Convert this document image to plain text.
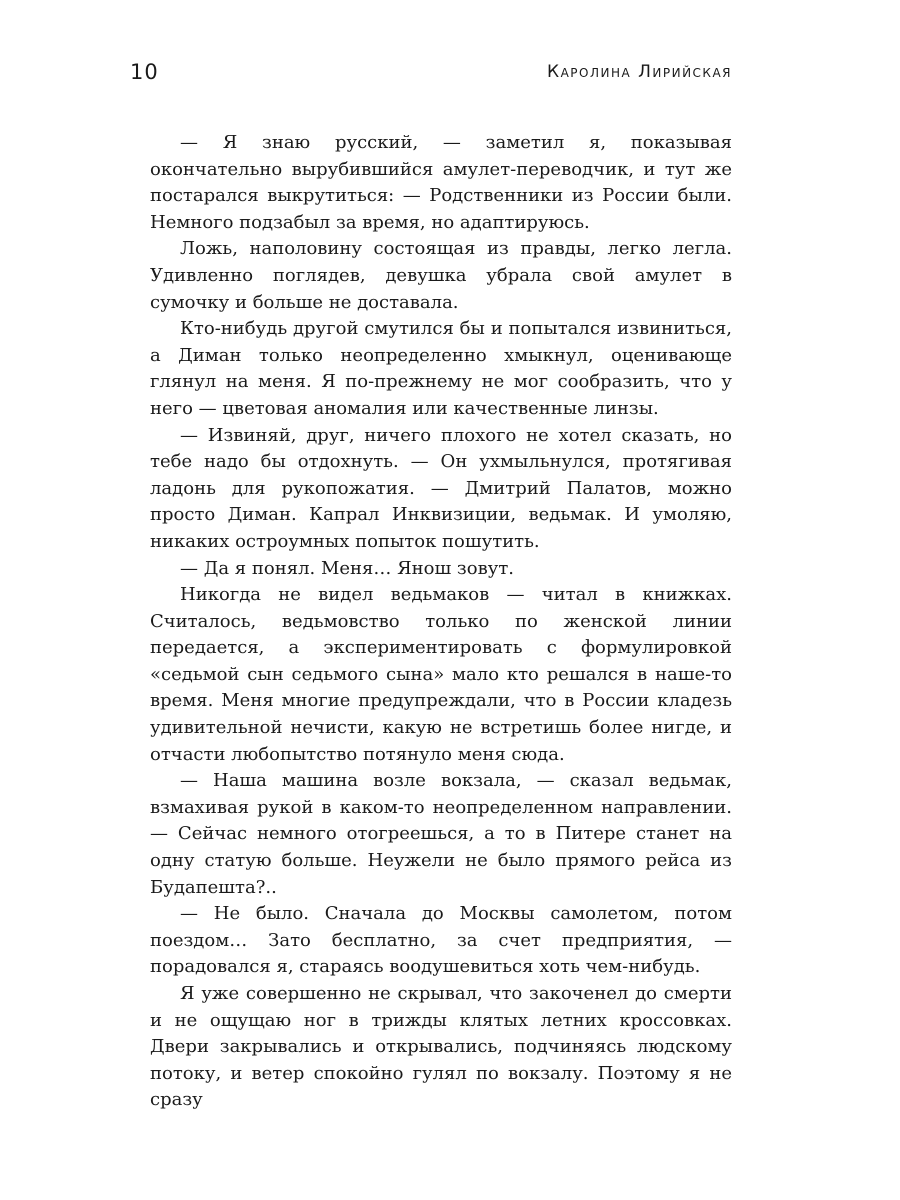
10	Каролина Лирийская

— Я знаю русский, — заметил я, показывая окончательно вырубившийся амулет-переводчик, и тут же постарался выкрутиться: — Родственники из России были. Немного подзабыл за время, но адаптируюсь.

Ложь, наполовину состоящая из правды, легко легла. Удивленно поглядев, девушка убрала свой амулет в сумочку и больше не доставала.

Кто-нибудь другой смутился бы и попытался извиниться, а Диман только неопределенно хмыкнул, оценивающе глянул на меня. Я по-прежнему не мог сообразить, что у него — цветовая аномалия или качественные линзы.

— Извиняй, друг, ничего плохого не хотел сказать, но тебе надо бы отдохнуть. — Он ухмыльнулся, протягивая ладонь для рукопожатия. — Дмитрий Палатов, можно просто Диман. Капрал Инквизиции, ведьмак. И умоляю, никаких остроумных попыток пошутить.

— Да я понял. Меня… Янош зовут.

Никогда не видел ведьмаков — читал в книжках. Считалось, ведьмовство только по женской линии передается, а экспериментировать с формулировкой «седьмой сын седьмого сына» мало кто решался в наше-то время. Меня многие предупреждали, что в России кладезь удивительной нечисти, какую не встретишь более нигде, и отчасти любопытство потянуло меня сюда.

— Наша машина возле вокзала, — сказал ведьмак, взмахивая рукой в каком-то неопределенном направлении. — Сейчас немного отогреешься, а то в Питере станет на одну статую больше. Неужели не было прямого рейса из Будапешта?..

— Не было. Сначала до Москвы самолетом, потом поездом… Зато бесплатно, за счет предприятия, — порадовался я, стараясь воодушевиться хоть чем-нибудь.

Я уже совершенно не скрывал, что закоченел до смерти и не ощущаю ног в трижды клятых летних кроссовках. Двери закрывались и открывались, подчиняясь людскому потоку, и ветер спокойно гулял по вокзалу. Поэтому я не сразу
